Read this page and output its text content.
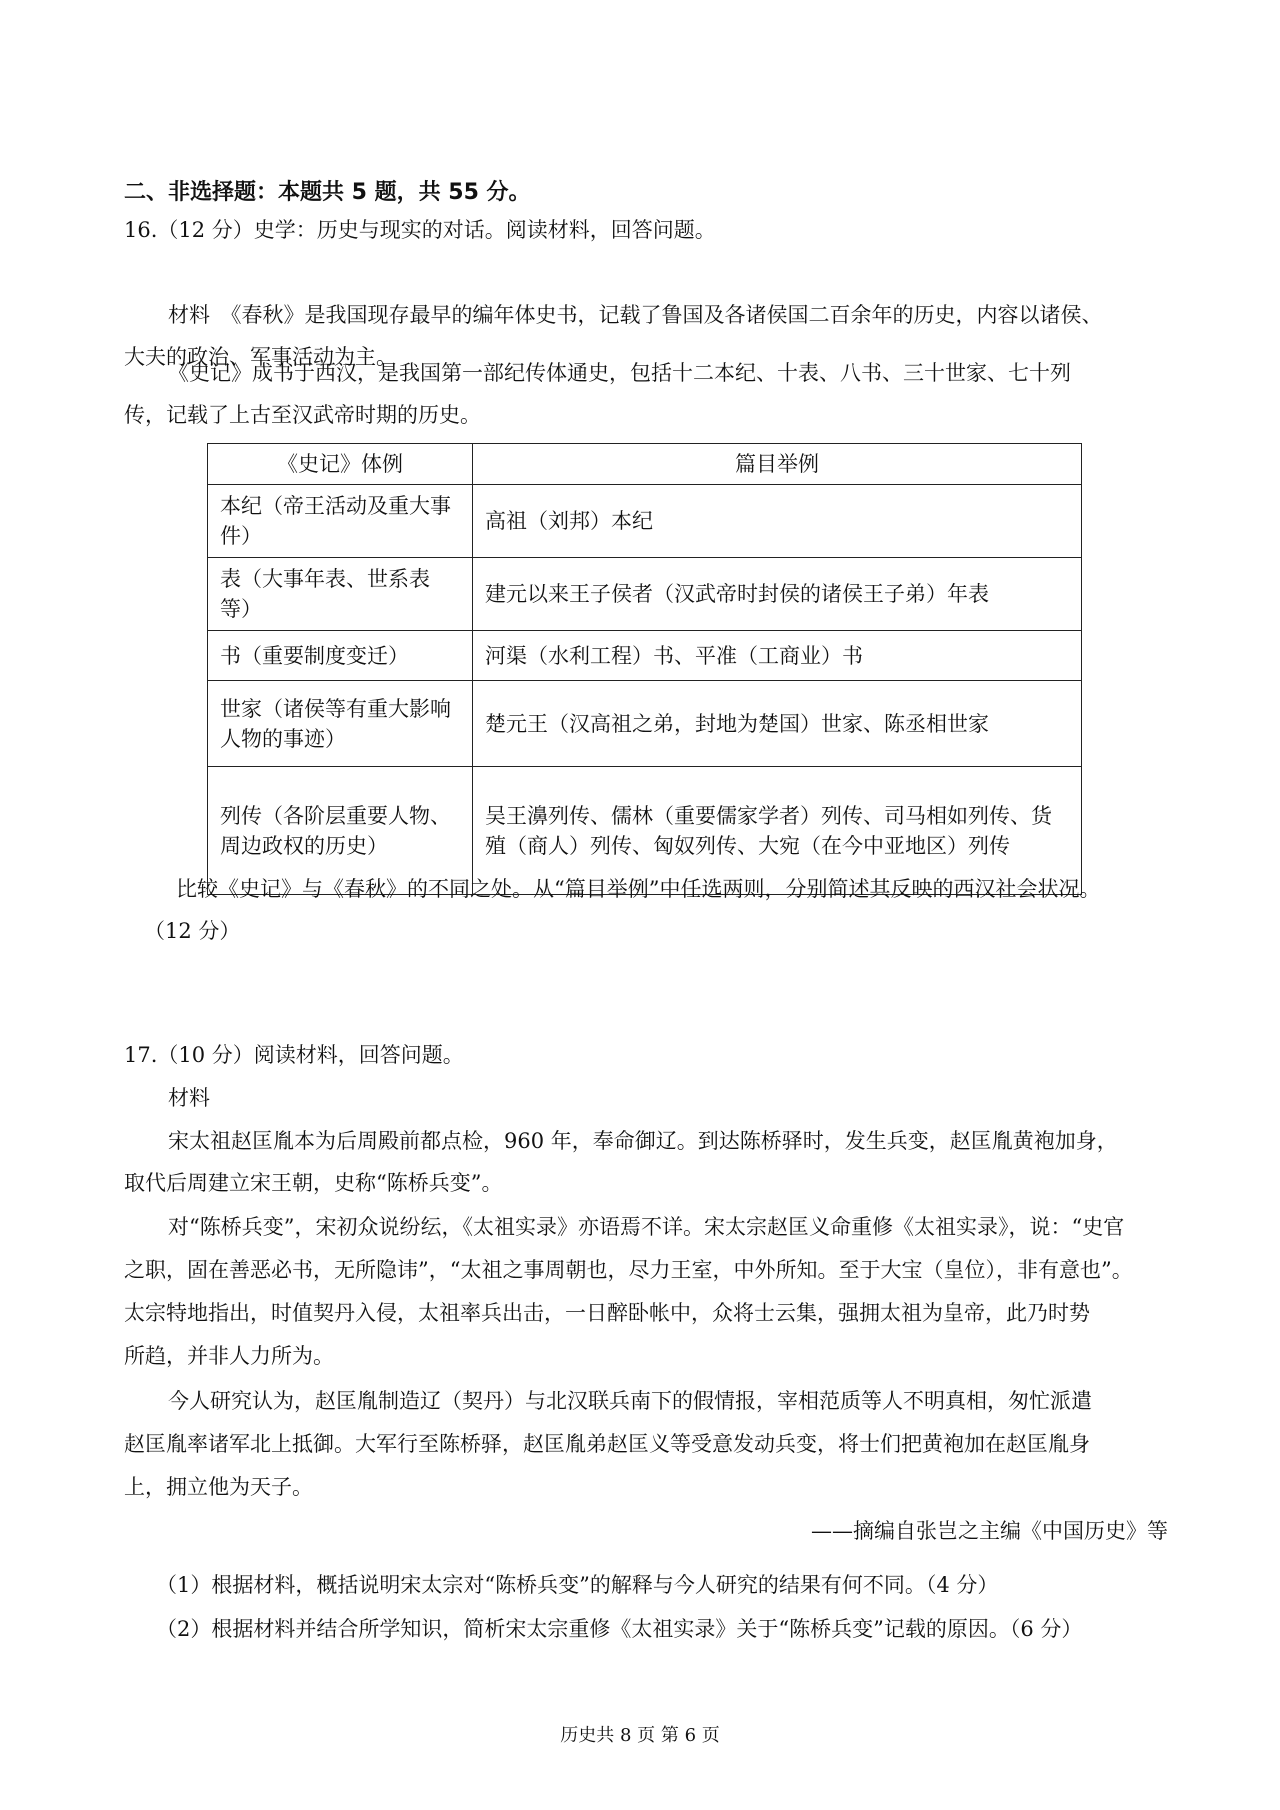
二、非选择题：本题共 5 题，共 55 分。
16.（12 分）史学：历史与现实的对话。阅读材料，回答问题。
材料　《春秋》是我国现存最早的编年体史书，记载了鲁国及各诸侯国二百余年的历史，内容以诸侯、
大夫的政治、军事活动为主。
《史记》成书于西汉，是我国第一部纪传体通史，包括十二本纪、十表、八书、三十世家、七十列
传，记载了上古至汉武帝时期的历史。
《史记》体例	篇目举例
本纪（帝王活动及重大事件）	高祖（刘邦）本纪
表（大事年表、世系表等）	建元以来王子侯者（汉武帝时封侯的诸侯王子弟）年表
书（重要制度变迁）	河渠（水利工程）书、平准（工商业）书
世家（诸侯等有重大影响人物的事迹）	楚元王（汉高祖之弟，封地为楚国）世家、陈丞相世家
列传（各阶层重要人物、周边政权的历史）	吴王濞列传、儒林（重要儒家学者）列传、司马相如列传、货殖（商人）列传、匈奴列传、大宛（在今中亚地区）列传
比较《史记》与《春秋》的不同之处。从“篇目举例”中任选两则，分别简述其反映的西汉社会状况。
（12 分）
17.（10 分）阅读材料，回答问题。
材料
宋太祖赵匡胤本为后周殿前都点检，960 年，奉命御辽。到达陈桥驿时，发生兵变，赵匡胤黄袍加身，
取代后周建立宋王朝，史称“陈桥兵变”。
对“陈桥兵变”，宋初众说纷纭，《太祖实录》亦语焉不详。宋太宗赵匡义命重修《太祖实录》，说：“史官
之职，固在善恶必书，无所隐讳”，“太祖之事周朝也，尽力王室，中外所知。至于大宝（皇位），非有意也”。
太宗特地指出，时值契丹入侵，太祖率兵出击，一日醉卧帐中，众将士云集，强拥太祖为皇帝，此乃时势
所趋，并非人力所为。
今人研究认为，赵匡胤制造辽（契丹）与北汉联兵南下的假情报，宰相范质等人不明真相，匆忙派遣
赵匡胤率诸军北上抵御。大军行至陈桥驿，赵匡胤弟赵匡义等受意发动兵变，将士们把黄袍加在赵匡胤身
上，拥立他为天子。
——摘编自张岂之主编《中国历史》等
（1）根据材料，概括说明宋太宗对“陈桥兵变”的解释与今人研究的结果有何不同。（4 分）
（2）根据材料并结合所学知识，简析宋太宗重修《太祖实录》关于“陈桥兵变”记载的原因。（6 分）
历史共 8 页 第 6 页
